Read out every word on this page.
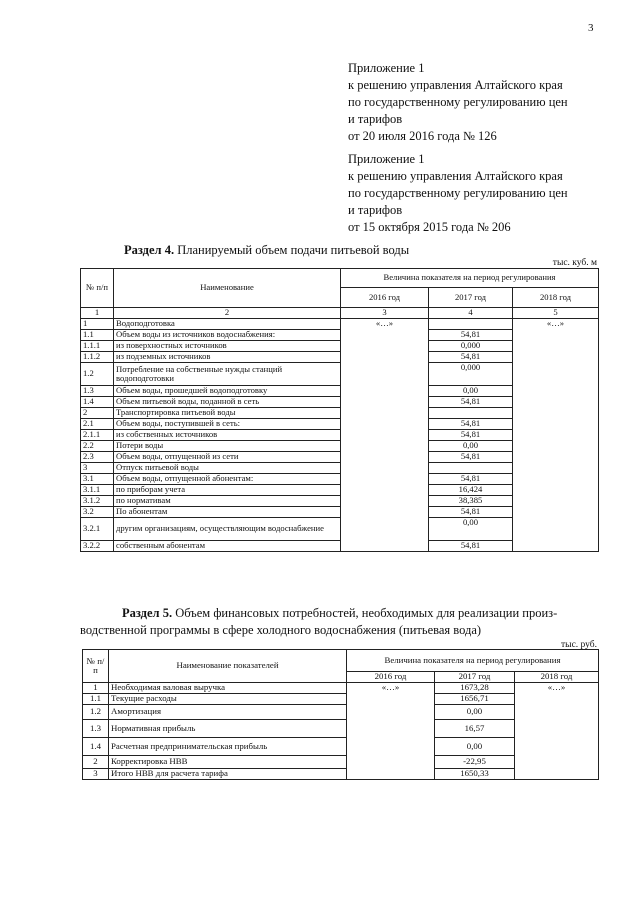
3
Приложение 1
к решению управления Алтайского края
по государственному регулированию цен
и тарифов
от 20 июля 2016 года № 126
Приложение 1
к решению управления Алтайского края
по государственному регулированию цен
и тарифов
от 15 октября 2015 года № 206
Раздел 4. Планируемый объем подачи питьевой воды
тыс. куб. м
№ п/п	Наименование	Величина показателя на период регулирования		
		2016 год	2017 год	2018 год
1	2	3	4	5
1	Водоподготовка	«…»		«…»
1.1	Объем воды из источников водоснабжения:		54,81	
1.1.1	из поверхностных источников		0,000	
1.1.2	из подземных источников		54,81	
1.2	Потребление на собственные нужды станций водоподготовки		0,000	
1.3	Объем воды, прошедшей водоподготовку		0,00	
1.4	Объем питьевой воды, поданной в сеть		54,81	
2	Транспортировка питьевой воды			
2.1	Объем воды, поступившей в сеть:		54,81	
2.1.1	из собственных источников		54,81	
2.2	Потери воды		0,00	
2.3	Объем воды, отпущенной из сети		54,81	
3	Отпуск питьевой воды			
3.1	Объем воды, отпущенной абонентам:		54,81	
3.1.1	по приборам учета		16,424	
3.1.2	по нормативам		38,385	
3.2	По абонентам		54,81	
3.2.1	другим организациям, осуществляющим водоснабжение		0,00	
3.2.2	собственным абонентам		54,81	
Раздел 5. Объем финансовых потребностей, необходимых для реализации произ-
водственной программы в сфере холодного водоснабжения (питьевая вода)
тыс. руб.
№ п/п	Наименование показателей	Величина показателя на период регулирования		
		2016 год	2017 год	2018 год
1	Необходимая валовая выручка	«…»	1673,28	«…»
1.1	Текущие расходы		1656,71	
1.2	Амортизация		0,00	
1.3	Нормативная прибыль		16,57	
1.4	Расчетная предпринимательская прибыль		0,00	
2	Корректировка НВВ		-22,95	
3	Итого НВВ для расчета тарифа		1650,33	
